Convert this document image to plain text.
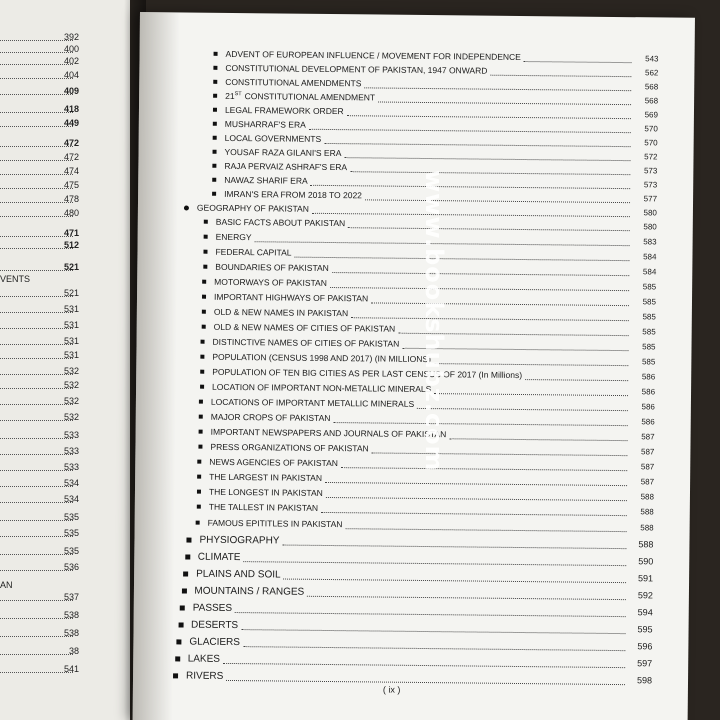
VENTS
AN
392
400
402
404
409
418
449
472
472
474
475
478
480
471
512
521
521
531
531
531
531
532
532
532
532
533
533
533
534
534
535
535
535
536
537
538
538
38
541
( ix )
ADVENT OF EUROPEAN INFLUENCE / MOVEMENT FOR INDEPENDENCE	543
CONSTITUTIONAL DEVELOPMENT OF PAKISTAN, 1947 ONWARD	562
CONSTITUTIONAL AMENDMENTS	568
21ST CONSTITUTIONAL AMENDMENT	568
LEGAL FRAMEWORK ORDER	569
MUSHARRAF'S ERA	570
LOCAL GOVERNMENTS	570
YOUSAF RAZA GILANI'S ERA	572
RAJA PERVAIZ ASHRAF'S ERA	573
NAWAZ SHARIF ERA	573
IMRAN'S ERA FROM 2018 TO 2022	577
GEOGRAPHY OF PAKISTAN	580
BASIC FACTS ABOUT PAKISTAN	580
ENERGY	583
FEDERAL CAPITAL	584
BOUNDARIES OF PAKISTAN	584
MOTORWAYS OF PAKISTAN	585
IMPORTANT HIGHWAYS OF PAKISTAN	585
OLD & NEW NAMES IN PAKISTAN	585
OLD & NEW NAMES OF CITIES OF PAKISTAN	585
DISTINCTIVE NAMES OF CITIES OF PAKISTAN	585
POPULATION (CENSUS 1998 AND 2017) (IN MILLIONS)	585
POPULATION OF TEN BIG CITIES AS PER LAST CENSUS OF 2017 (In Millions)	586
LOCATION OF IMPORTANT NON-METALLIC MINERALS	586
LOCATIONS OF IMPORTANT METALLIC MINERALS	586
MAJOR CROPS OF PAKISTAN	586
IMPORTANT NEWSPAPERS AND JOURNALS OF PAKISTAN	587
PRESS ORGANIZATIONS OF PAKISTAN	587
NEWS AGENCIES OF PAKISTAN	587
THE LARGEST IN PAKISTAN	587
THE LONGEST IN PAKISTAN	588
THE TALLEST IN PAKISTAN	588
FAMOUS EPITITLES IN PAKISTAN	588
PHYSIOGRAPHY	588
CLIMATE	590
PLAINS AND SOIL	591
MOUNTAINS / RANGES	592
PASSES	594
DESERTS	595
GLACIERS	596
LAKES	597
RIVERS	598
www.bookshubz.com
